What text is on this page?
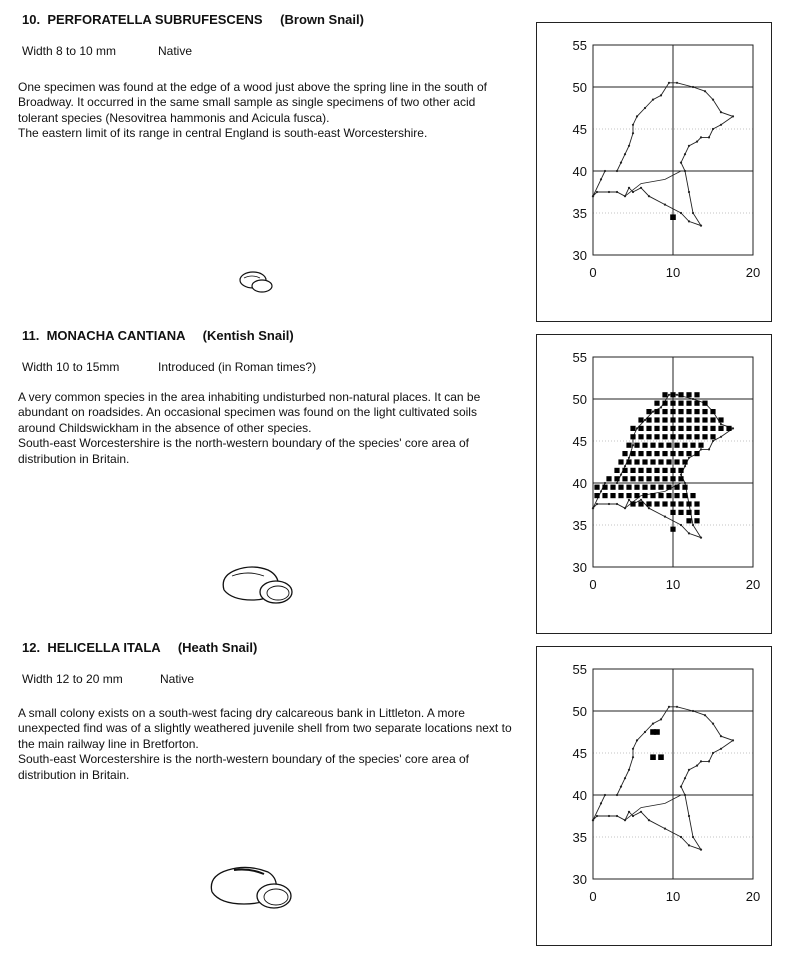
10. PERFORATELLA SUBRUFESCENS (Brown Snail)
Width 8 to 10 mm	Native

One specimen was found at the edge of a wood just above the spring line in the south of Broadway. It occurred in the same small sample as single specimens of two other acid tolerant species (Nesovitrea hammonis and Acicula fusca).

The eastern limit of its range in central England is south-east Worcestershire.

11. MONACHA CANTIANA (Kentish Snail)
Width 10 to 15mm	Introduced (in Roman times?)

A very common species in the area inhabiting undisturbed non-natural places. It can be abundant on roadsides. An occasional specimen was found on the light cultivated soils around Childswickham in the absence of other species.

South-east Worcestershire is the north-western boundary of the species' core area of distribution in Britain.

12. HELICELLA ITALA (Heath Snail)
Width 12 to 20 mm	Native

A small colony exists on a south-west facing dry calcareous bank in Littleton. A more unexpected find was of a slightly weathered juvenile shell from two separate locations next to the main railway line in Bretforton.

South-east Worcestershire is the north-western boundary of the species' core area of distribution in Britain.

55
50
45
40
35
30
0	10	20
55
50
45
40
35
30
0	10	20
55
50
45
40
35
30
0	10	20
